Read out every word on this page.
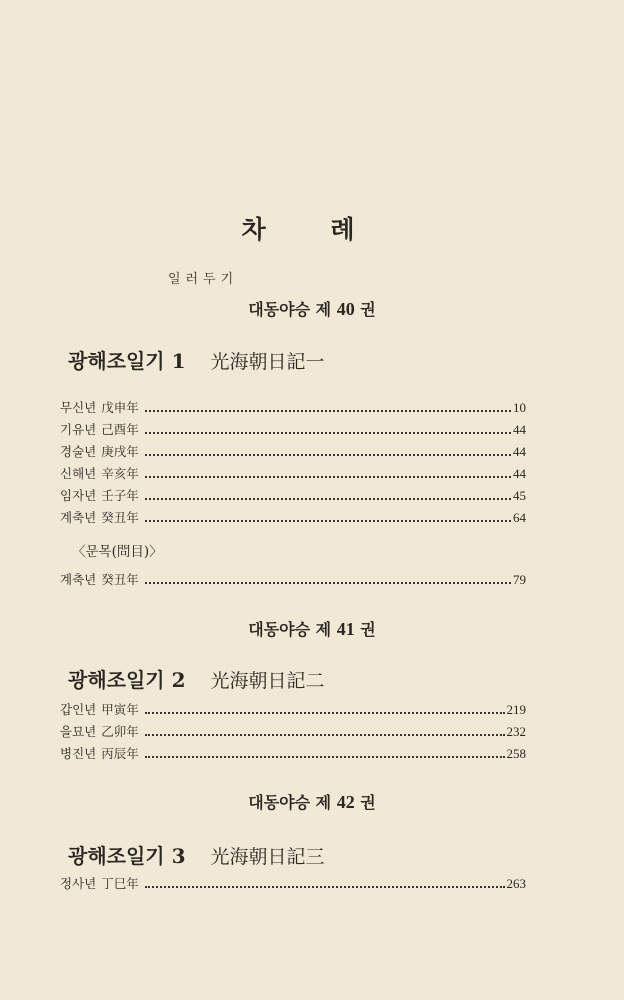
차 례
일러두기
대동야승 제 40 권
광해조일기 1 光海朝日記一
무신년 戊申年	10
기유년 己酉年	44
경술년 庚戌年	44
신해년 辛亥年	44
임자년 壬子年	45
계축년 癸丑年	64
〈문목(問目)〉
계축년 癸丑年	79
대동야승 제 41 권
광해조일기 2 光海朝日記二
갑인년 甲寅年	219
을묘년 乙卯年	232
병진년 丙辰年	258
대동야승 제 42 권
광해조일기 3 光海朝日記三
정사년 丁巳年	263
